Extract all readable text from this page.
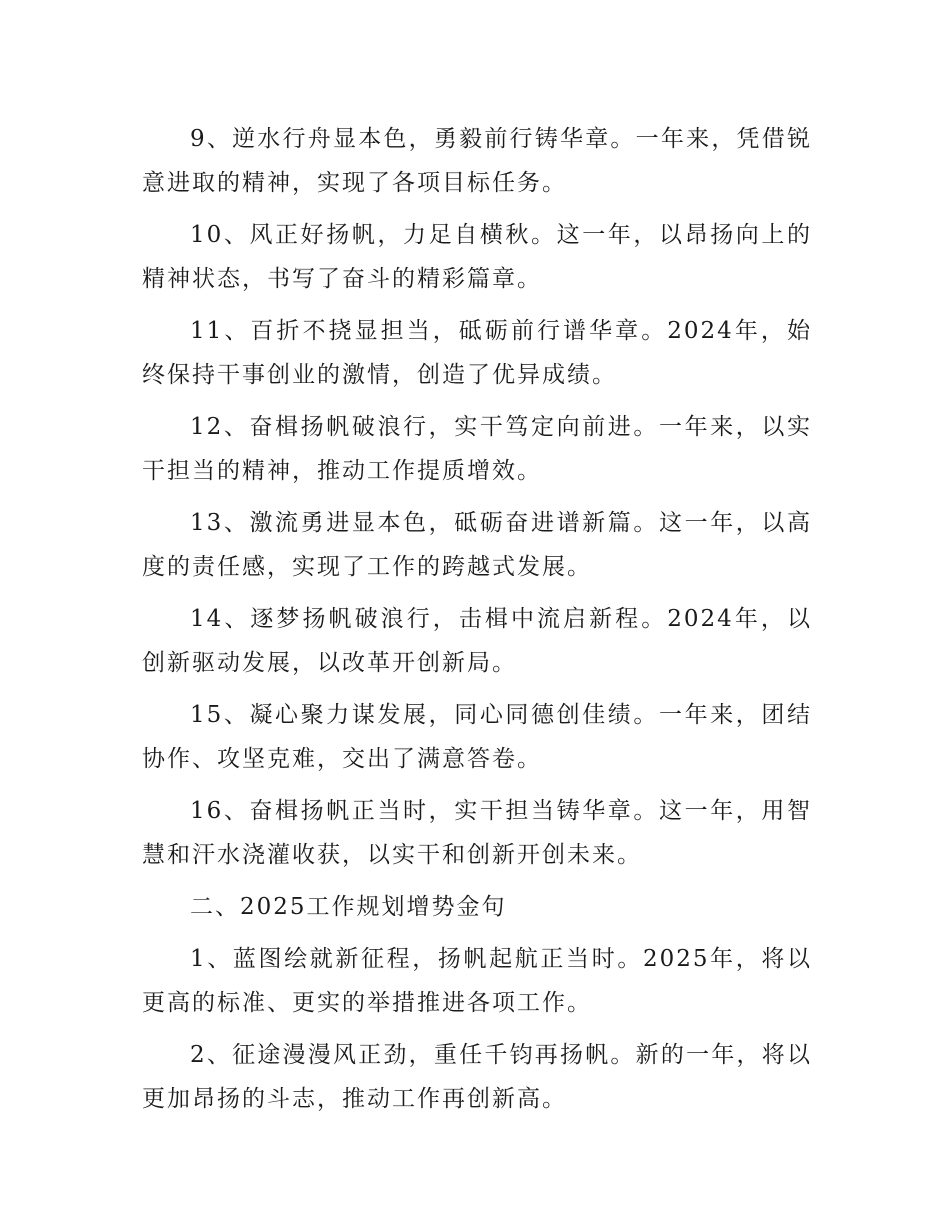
9、逆水行舟显本色，勇毅前行铸华章。一年来，凭借锐意进取的精神，实现了各项目标任务。

10、风正好扬帆，力足自横秋。这一年，以昂扬向上的精神状态，书写了奋斗的精彩篇章。

11、百折不挠显担当，砥砺前行谱华章。2024年，始终保持干事创业的激情，创造了优异成绩。

12、奋楫扬帆破浪行，实干笃定向前进。一年来，以实干担当的精神，推动工作提质增效。

13、激流勇进显本色，砥砺奋进谱新篇。这一年，以高度的责任感，实现了工作的跨越式发展。

14、逐梦扬帆破浪行，击楫中流启新程。2024年，以创新驱动发展，以改革开创新局。

15、凝心聚力谋发展，同心同德创佳绩。一年来，团结协作、攻坚克难，交出了满意答卷。

16、奋楫扬帆正当时，实干担当铸华章。这一年，用智慧和汗水浇灌收获，以实干和创新开创未来。

二、2025工作规划增势金句

1、蓝图绘就新征程，扬帆起航正当时。2025年，将以更高的标准、更实的举措推进各项工作。

2、征途漫漫风正劲，重任千钧再扬帆。新的一年，将以更加昂扬的斗志，推动工作再创新高。
